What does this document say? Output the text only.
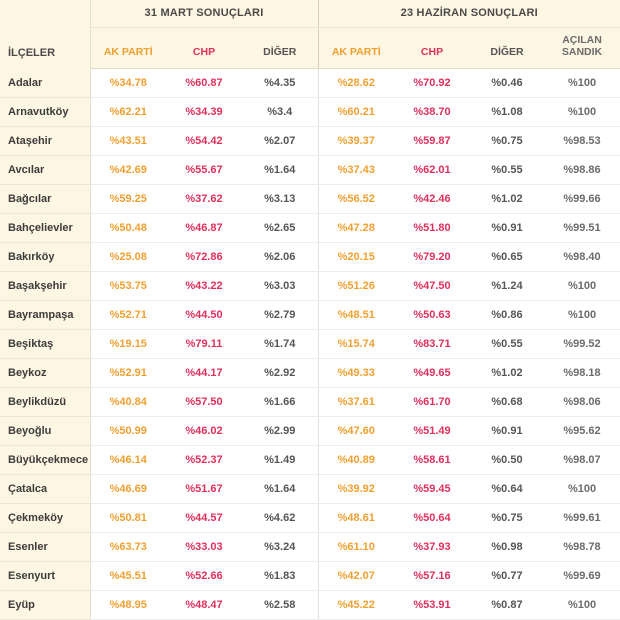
	31 MART SONUÇLARI			23 HAZİRAN SONUÇLARI			
İLÇELER	AK PARTİ	CHP	DİĞER	AK PARTİ	CHP	DİĞER	AÇILAN SANDIK
Adalar	%34.78	%60.87	%4.35	%28.62	%70.92	%0.46	%100
Arnavutköy	%62.21	%34.39	%3.4	%60.21	%38.70	%1.08	%100
Ataşehir	%43.51	%54.42	%2.07	%39.37	%59.87	%0.75	%98.53
Avcılar	%42.69	%55.67	%1.64	%37.43	%62.01	%0.55	%98.86
Bağcılar	%59.25	%37.62	%3.13	%56.52	%42.46	%1.02	%99.66
Bahçelievler	%50.48	%46.87	%2.65	%47.28	%51.80	%0.91	%99.51
Bakırköy	%25.08	%72.86	%2.06	%20.15	%79.20	%0.65	%98.40
Başakşehir	%53.75	%43.22	%3.03	%51.26	%47.50	%1.24	%100
Bayrampaşa	%52.71	%44.50	%2.79	%48.51	%50.63	%0.86	%100
Beşiktaş	%19.15	%79.11	%1.74	%15.74	%83.71	%0.55	%99.52
Beykoz	%52.91	%44.17	%2.92	%49.33	%49.65	%1.02	%98.18
Beylikdüzü	%40.84	%57.50	%1.66	%37.61	%61.70	%0.68	%98.06
Beyoğlu	%50.99	%46.02	%2.99	%47.60	%51.49	%0.91	%95.62
Büyükçekmece	%46.14	%52.37	%1.49	%40.89	%58.61	%0.50	%98.07
Çatalca	%46.69	%51.67	%1.64	%39.92	%59.45	%0.64	%100
Çekmeköy	%50.81	%44.57	%4.62	%48.61	%50.64	%0.75	%99.61
Esenler	%63.73	%33.03	%3.24	%61.10	%37.93	%0.98	%98.78
Esenyurt	%45.51	%52.66	%1.83	%42.07	%57.16	%0.77	%99.69
Eyüp	%48.95	%48.47	%2.58	%45.22	%53.91	%0.87	%100
